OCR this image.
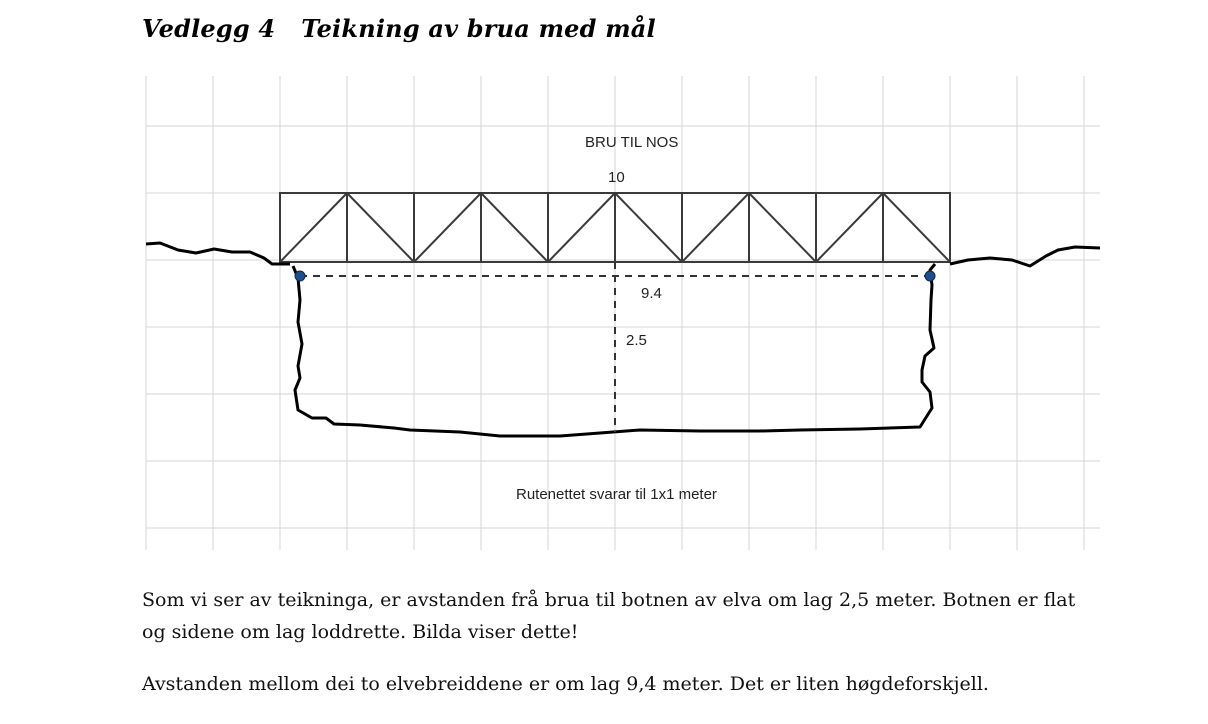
Vedlegg 4 Teikning av brua med mål
BRU TIL NOS
10
9.4
2.5
Rutenettet svarar til 1x1 meter
Som vi ser av teikninga, er avstanden frå brua til botnen av elva om lag 2,5 meter. Botnen er flat og sidene om lag loddrette. Bilda viser dette!
Avstanden mellom dei to elvebreiddene er om lag 9,4 meter. Det er liten høgdeforskjell.
